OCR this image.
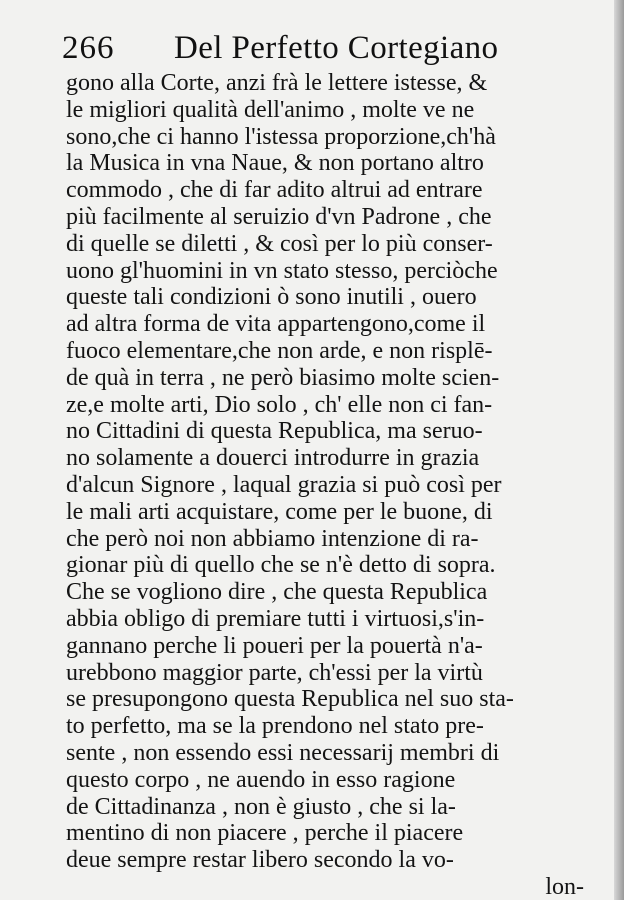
266 Del Perfetto Cortegiano
gono alla Corte, anzi frà le lettere istesse, &
le migliori qualità dell'animo , molte ve ne
sono,che ci hanno l'istessa proporzione,ch'hà
la Musica in vna Naue, & non portano altro
commodo , che di far adito altrui ad entrare
più facilmente al seruizio d'vn Padrone , che
di quelle se diletti , & così per lo più conser-
uono gl'huomini in vn stato stesso, perciòche
queste tali condizioni ò sono inutili , ouero
ad altra forma de vita appartengono,come il
fuoco elementare,che non arde, e non risplē-
de quà in terra , ne però biasimo molte scien-
ze,e molte arti, Dio solo , ch' elle non ci fan-
no Cittadini di questa Republica, ma seruo-
no solamente a douerci introdurre in grazia
d'alcun Signore , laqual grazia si può così per
le mali arti acquistare, come per le buone, di
che però noi non abbiamo intenzione di ra-
gionar più di quello che se n'è detto di sopra.
Che se vogliono dire , che questa Republica
abbia obligo di premiare tutti i virtuosi,s'in-
gannano perche li poueri per la pouertà n'a-
urebbono maggior parte, ch'essi per la virtù
se presupongono questa Republica nel suo sta-
to perfetto, ma se la prendono nel stato pre-
sente , non essendo essi necessarij membri di
questo corpo , ne auendo in esso ragione
de Cittadinanza , non è giusto , che si la-
mentino di non piacere , perche il piacere
deue sempre restar libero secondo la vo-
lon-
